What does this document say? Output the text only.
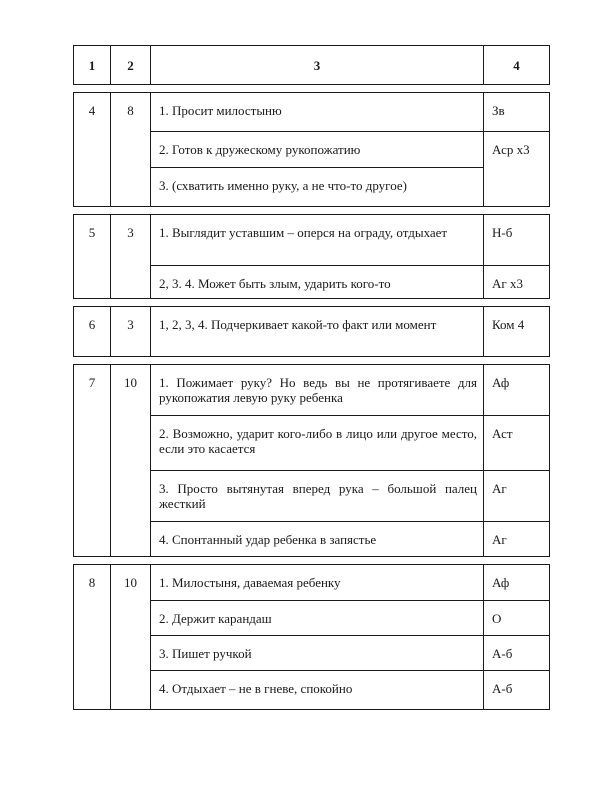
1	2	3	4

4	8	1. Просит милостыню	Зв
		2. Готов к дружескому рукопожатию	Аср х3
		3. (схватить именно руку, а не что-то другое)	

5	3	1. Выглядит уставшим – оперся на ограду, отдыхает	Н-б
		2, 3. 4. Может быть злым, ударить кого-то	Аг х3

6	3	1, 2, 3, 4. Подчеркивает какой-то факт или момент	Ком 4

7	10	1. Пожимает руку? Но ведь вы не протягиваете для рукопожатия левую руку ребенка	Аф
		2. Возможно, ударит кого-либо в лицо или другое место, если это касается	Аст
		3. Просто вытянутая вперед рука – большой палец жесткий	Аг
		4. Спонтанный удар ребенка в запястье	Аг

8	10	1. Милостыня, даваемая ребенку	Аф
		2. Держит карандаш	О
		3. Пишет ручкой	А-б
		4. Отдыхает – не в гневе, спокойно	А-б
